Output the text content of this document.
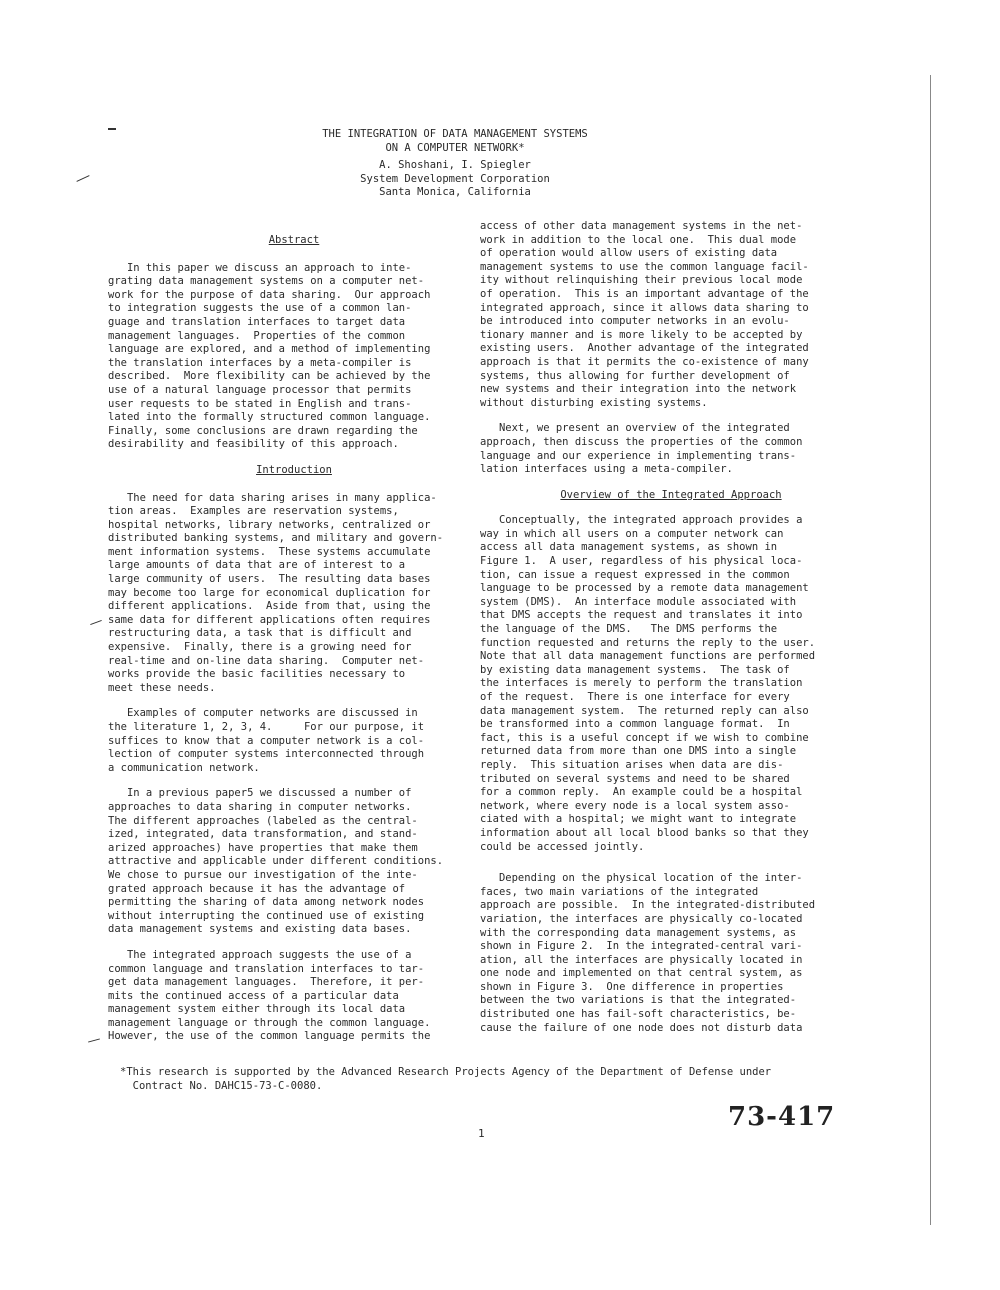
THE INTEGRATION OF DATA MANAGEMENT SYSTEMS
ON A COMPUTER NETWORK*
A. Shoshani, I. Spiegler
System Development Corporation
Santa Monica, California
Abstract
In this paper we discuss an approach to inte-
grating data management systems on a computer net-
work for the purpose of data sharing.  Our approach
to integration suggests the use of a common lan-
guage and translation interfaces to target data
management languages.  Properties of the common
language are explored, and a method of implementing
the translation interfaces by a meta-compiler is
described.  More flexibility can be achieved by the
use of a natural language processor that permits
user requests to be stated in English and trans-
lated into the formally structured common language.
Finally, some conclusions are drawn regarding the
desirability and feasibility of this approach.
Introduction
The need for data sharing arises in many applica-
tion areas.  Examples are reservation systems,
hospital networks, library networks, centralized or
distributed banking systems, and military and govern-
ment information systems.  These systems accumulate
large amounts of data that are of interest to a
large community of users.  The resulting data bases
may become too large for economical duplication for
different applications.  Aside from that, using the
same data for different applications often requires
restructuring data, a task that is difficult and
expensive.  Finally, there is a growing need for
real-time and on-line data sharing.  Computer net-
works provide the basic facilities necessary to
meet these needs.
Examples of computer networks are discussed in
the literature 1, 2, 3, 4.     For our purpose, it
suffices to know that a computer network is a col-
lection of computer systems interconnected through
a communication network.
In a previous paper5 we discussed a number of
approaches to data sharing in computer networks.
The different approaches (labeled as the central-
ized, integrated, data transformation, and stand-
arized approaches) have properties that make them
attractive and applicable under different conditions.
We chose to pursue our investigation of the inte-
grated approach because it has the advantage of
permitting the sharing of data among network nodes
without interrupting the continued use of existing
data management systems and existing data bases.
The integrated approach suggests the use of a
common language and translation interfaces to tar-
get data management languages.  Therefore, it per-
mits the continued access of a particular data
management system either through its local data
management language or through the common language.
However, the use of the common language permits the
access of other data management systems in the net-
work in addition to the local one.  This dual mode
of operation would allow users of existing data
management systems to use the common language facil-
ity without relinquishing their previous local mode
of operation.  This is an important advantage of the
integrated approach, since it allows data sharing to
be introduced into computer networks in an evolu-
tionary manner and is more likely to be accepted by
existing users.  Another advantage of the integrated
approach is that it permits the co-existence of many
systems, thus allowing for further development of
new systems and their integration into the network
without disturbing existing systems.
Next, we present an overview of the integrated
approach, then discuss the properties of the common
language and our experience in implementing trans-
lation interfaces using a meta-compiler.
Overview of the Integrated Approach
Conceptually, the integrated approach provides a
way in which all users on a computer network can
access all data management systems, as shown in
Figure 1.  A user, regardless of his physical loca-
tion, can issue a request expressed in the common
language to be processed by a remote data management
system (DMS).  An interface module associated with
that DMS accepts the request and translates it into
the language of the DMS.   The DMS performs the
function requested and returns the reply to the user.
Note that all data management functions are performed
by existing data management systems.  The task of
the interfaces is merely to perform the translation
of the request.  There is one interface for every
data management system.  The returned reply can also
be transformed into a common language format.  In
fact, this is a useful concept if we wish to combine
returned data from more than one DMS into a single
reply.  This situation arises when data are dis-
tributed on several systems and need to be shared
for a common reply.  An example could be a hospital
network, where every node is a local system asso-
ciated with a hospital; we might want to integrate
information about all local blood banks so that they
could be accessed jointly.
Depending on the physical location of the inter-
faces, two main variations of the integrated
approach are possible.  In the integrated-distributed
variation, the interfaces are physically co-located
with the corresponding data management systems, as
shown in Figure 2.  In the integrated-central vari-
ation, all the interfaces are physically located in
one node and implemented on that central system, as
shown in Figure 3.  One difference in properties
between the two variations is that the integrated-
distributed one has fail-soft characteristics, be-
cause the failure of one node does not disturb data
*This research is supported by the Advanced Research Projects Agency of the Department of Defense under
Contract No. DAHC15-73-C-0080.
1
73-417
